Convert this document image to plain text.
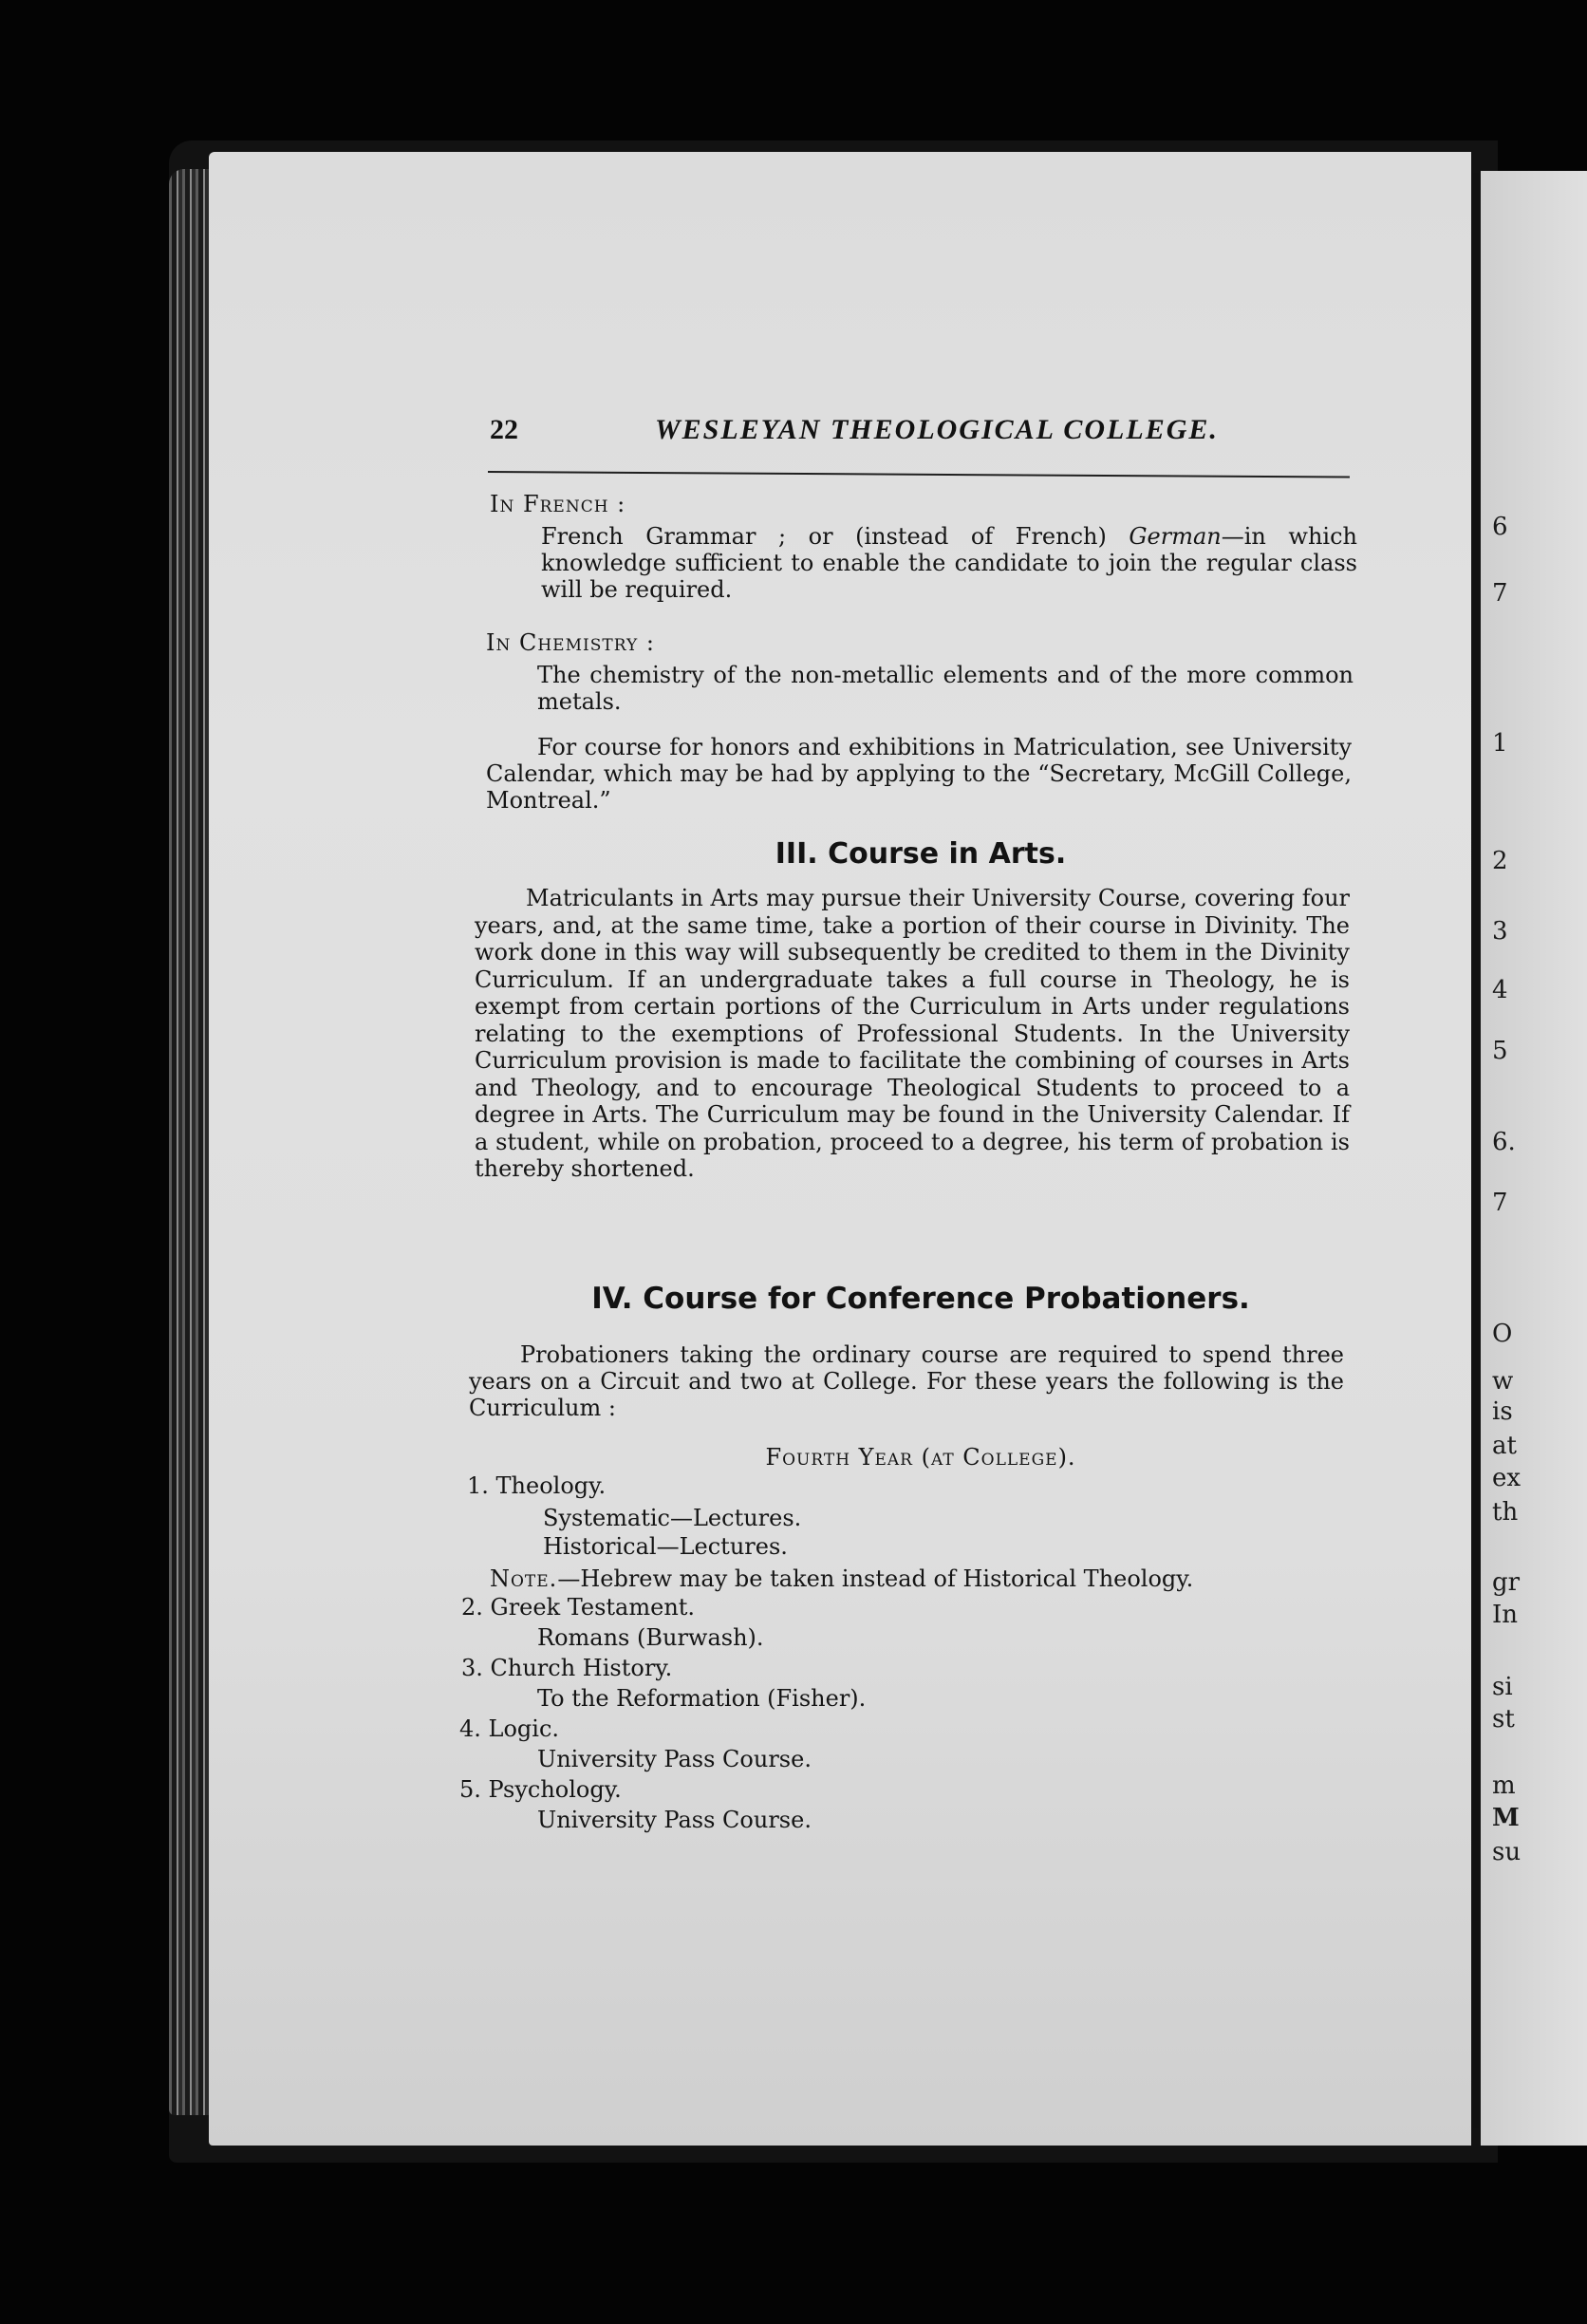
6
7
1
2
3
4
5
6.
7
O
w
is
at
ex
th
gr
In
si
st
m
M
su
22	WESLEYAN THEOLOGICAL COLLEGE.
In French :
French Grammar ; or (instead of French) German—in which knowledge sufficient to enable the candidate to join the regular class will be required.
In Chemistry :
The chemistry of the non-metallic elements and of the more common metals.
For course for honors and exhibitions in Matriculation, see University Calendar, which may be had by applying to the “Secretary, McGill College, Montreal.”
III. Course in Arts.
Matriculants in Arts may pursue their University Course, covering four years, and, at the same time, take a portion of their course in Divinity. The work done in this way will subsequently be credited to them in the Divinity Curriculum. If an undergraduate takes a full course in Theology, he is exempt from certain portions of the Curriculum in Arts under regulations relating to the exemptions of Professional Students. In the University Curriculum provision is made to facilitate the combining of courses in Arts and Theology, and to encourage Theological Students to proceed to a degree in Arts. The Curriculum may be found in the University Calendar. If a student, while on probation, proceed to a degree, his term of probation is thereby shortened.
IV. Course for Conference Probationers.
Probationers taking the ordinary course are required to spend three years on a Circuit and two at College. For these years the following is the Curriculum :
Fourth Year (at College).
1. Theology.
Systematic—Lectures.
Historical—Lectures.
Note.—Hebrew may be taken instead of Historical Theology.
2. Greek Testament.
Romans (Burwash).
3. Church History.
To the Reformation (Fisher).
4. Logic.
University Pass Course.
5. Psychology.
University Pass Course.
